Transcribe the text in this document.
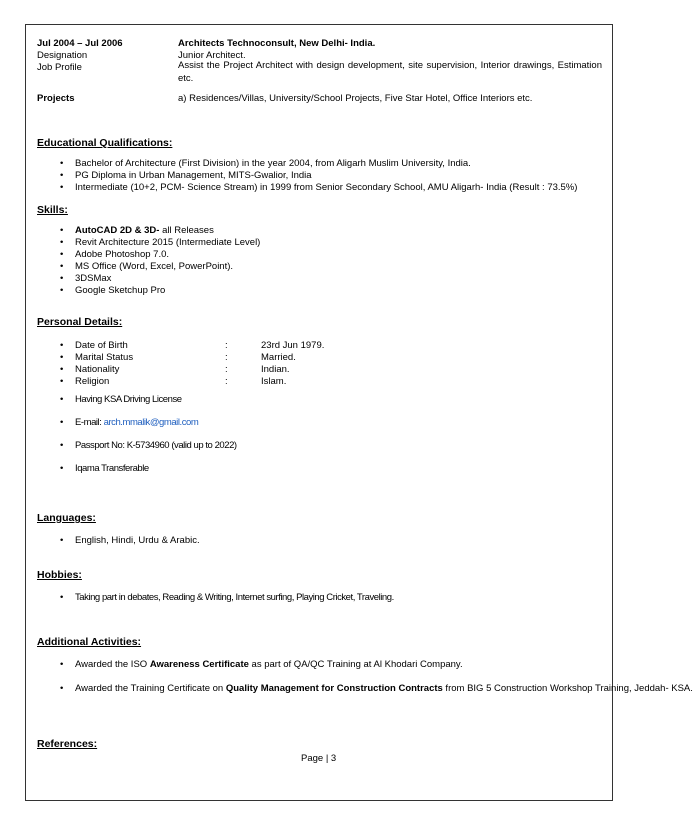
Jul 2004 – Jul 2006	Architects Technoconsult, New Delhi- India.
Designation	Junior Architect.
Job Profile	Assist the Project Architect with design development, site supervision, Interior drawings, Estimation etc.
Projects	a) Residences/Villas, University/School Projects, Five Star Hotel, Office Interiors etc.
Educational Qualifications:
• Bachelor of Architecture (First Division) in the year 2004, from Aligarh Muslim University, India.
• PG Diploma in Urban Management, MITS-Gwalior, India
• Intermediate (10+2, PCM- Science Stream) in 1999 from Senior Secondary School, AMU Aligarh- India (Result : 73.5%)
Skills:
• AutoCAD 2D & 3D- all Releases
• Revit Architecture 2015 (Intermediate Level)
• Adobe Photoshop 7.0.
• MS Office (Word, Excel, PowerPoint).
• 3DSMax
• Google Sketchup Pro
Personal Details:
• Date of Birth	:	23rd Jun 1979.
• Marital Status	:	Married.
• Nationality	:	Indian.
• Religion	:	Islam.
• Having KSA Driving License
• E-mail: arch.mmalik@gmail.com
• Passport No: K-5734960 (valid up to 2022)
• Iqama Transferable
Languages:
• English, Hindi, Urdu & Arabic.
Hobbies:
• Taking part in debates, Reading & Writing, Internet surfing, Playing Cricket, Traveling.
Additional Activities:
• Awarded the ISO Awareness Certificate as part of QA/QC Training at Al Khodari Company.
• Awarded the Training Certificate on Quality Management for Construction Contracts from BIG 5 Construction Workshop Training, Jeddah- KSA.
References:
Page | 3
